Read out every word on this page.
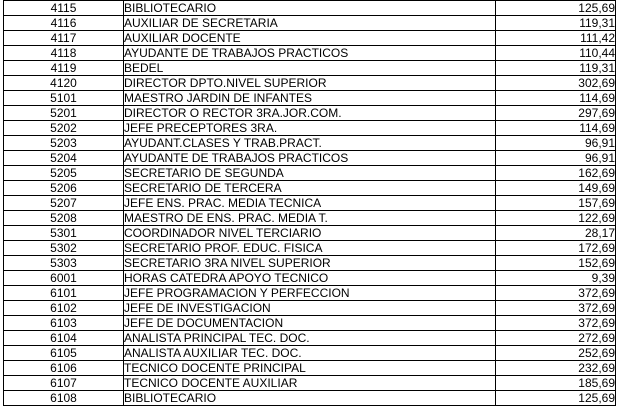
4115	BIBLIOTECARIO	125,69
4116	AUXILIAR DE SECRETARIA	119,31
4117	AUXILIAR DOCENTE	111,42
4118	AYUDANTE DE TRABAJOS PRACTICOS	110,44
4119	BEDEL	119,31
4120	DIRECTOR DPTO.NIVEL SUPERIOR	302,69
5101	MAESTRO JARDIN DE INFANTES	114,69
5201	DIRECTOR O RECTOR 3RA.JOR.COM.	297,69
5202	JEFE PRECEPTORES 3RA.	114,69
5203	AYUDANT.CLASES Y TRAB.PRACT.	96,91
5204	AYUDANTE DE TRABAJOS PRACTICOS	96,91
5205	SECRETARIO DE SEGUNDA	162,69
5206	SECRETARIO DE TERCERA	149,69
5207	JEFE ENS. PRAC. MEDIA TECNICA	157,69
5208	MAESTRO DE ENS. PRAC. MEDIA T.	122,69
5301	COORDINADOR NIVEL TERCIARIO	28,17
5302	SECRETARIO PROF. EDUC. FISICA	172,69
5303	SECRETARIO 3RA NIVEL SUPERIOR	152,69
6001	HORAS CATEDRA APOYO TECNICO	9,39
6101	JEFE PROGRAMACION Y PERFECCION	372,69
6102	JEFE DE INVESTIGACION	372,69
6103	JEFE DE DOCUMENTACION	372,69
6104	ANALISTA PRINCIPAL TEC. DOC.	272,69
6105	ANALISTA AUXILIAR TEC. DOC.	252,69
6106	TECNICO DOCENTE PRINCIPAL	232,69
6107	TECNICO DOCENTE AUXILIAR	185,69
6108	BIBLIOTECARIO	125,69
